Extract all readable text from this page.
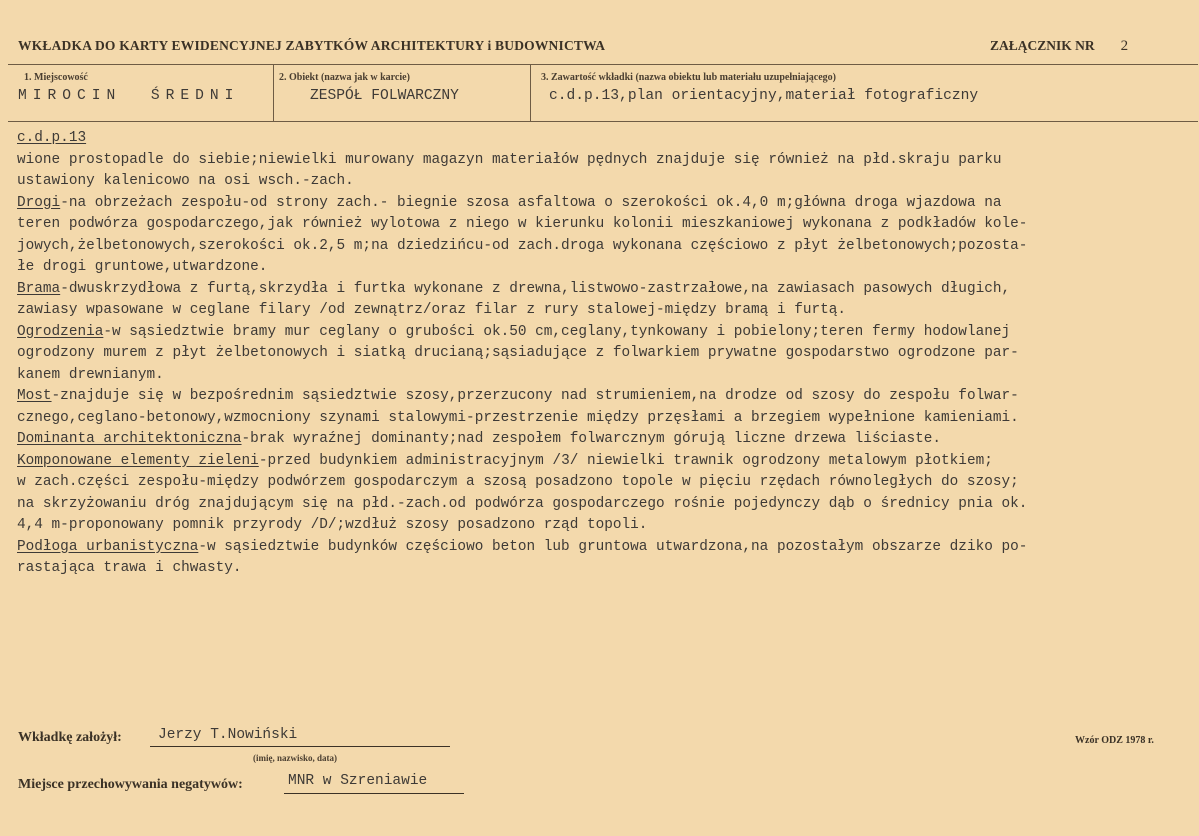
WKŁADKA DO KARTY EWIDENCYJNEJ ZABYTKÓW ARCHITEKTURY i BUDOWNICTWA	ZAŁĄCZNIK NR 2
1. Miejscowość
MIROCIN  ŚREDNI
2. Obiekt (nazwa jak w karcie)
ZESPÓŁ FOLWARCZNY
3. Zawartość wkładki (nazwa obiektu lub materiału uzupełniającego)
c.d.p.13,plan orientacyjny,materiał fotograficzny
c.d.p.13
wione prostopadle do siebie;niewielki murowany magazyn materiałów pędnych znajduje się również na płd.skraju parku
ustawiony kalenicowo na osi wsch.-zach.
Drogi-na obrzeżach zespołu-od strony zach.- biegnie szosa asfaltowa o szerokości ok.4,0 m;główna droga wjazdowa na
teren podwórza gospodarczego,jak również wylotowa z niego w kierunku kolonii mieszkaniowej wykonana z podkładów kole-
jowych,żelbetonowych,szerokości ok.2,5 m;na dziedzińcu-od zach.droga wykonana częściowo z płyt żelbetonowych;pozosta-
łe drogi gruntowe,utwardzone.
Brama-dwuskrzydłowa z furtą,skrzydła i furtka wykonane z drewna,listwowo-zastrzałowe,na zawiasach pasowych długich,
zawiasy wpasowane w ceglane filary /od zewnątrz/oraz filar z rury stalowej-między bramą i furtą.
Ogrodzenia-w sąsiedztwie bramy mur ceglany o grubości ok.50 cm,ceglany,tynkowany i pobielony;teren fermy hodowlanej
ogrodzony murem z płyt żelbetonowych i siatką drucianą;sąsiadujące z folwarkiem prywatne gospodarstwo ogrodzone par-
kanem drewnianym.
Most-znajduje się w bezpośrednim sąsiedztwie szosy,przerzucony nad strumieniem,na drodze od szosy do zespołu folwar-
cznego,ceglano-betonowy,wzmocniony szynami stalowymi-przestrzenie między przęsłami a brzegiem wypełnione kamieniami.
Dominanta architektoniczna-brak wyraźnej dominanty;nad zespołem folwarcznym górują liczne drzewa liściaste.
Komponowane elementy zieleni-przed budynkiem administracyjnym /3/ niewielki trawnik ogrodzony metalowym płotkiem;
w zach.części zespołu-między podwórzem gospodarczym a szosą posadzono topole w pięciu rzędach równoległych do szosy;
na skrzyżowaniu dróg znajdującym się na płd.-zach.od podwórza gospodarczego rośnie pojedynczy dąb o średnicy pnia ok.
4,4 m-proponowany pomnik przyrody /D/;wzdłuż szosy posadzono rząd topoli.
Podłoga urbanistyczna-w sąsiedztwie budynków częściowo beton lub gruntowa utwardzona,na pozostałym obszarze dziko po-
rastająca trawa i chwasty.
Wkładkę założył: Jerzy T.Nowiński
(imię, nazwisko, data)
Miejsce przechowywania negatywów:	MNR w Szreniawie
Wzór ODZ 1978 r.
